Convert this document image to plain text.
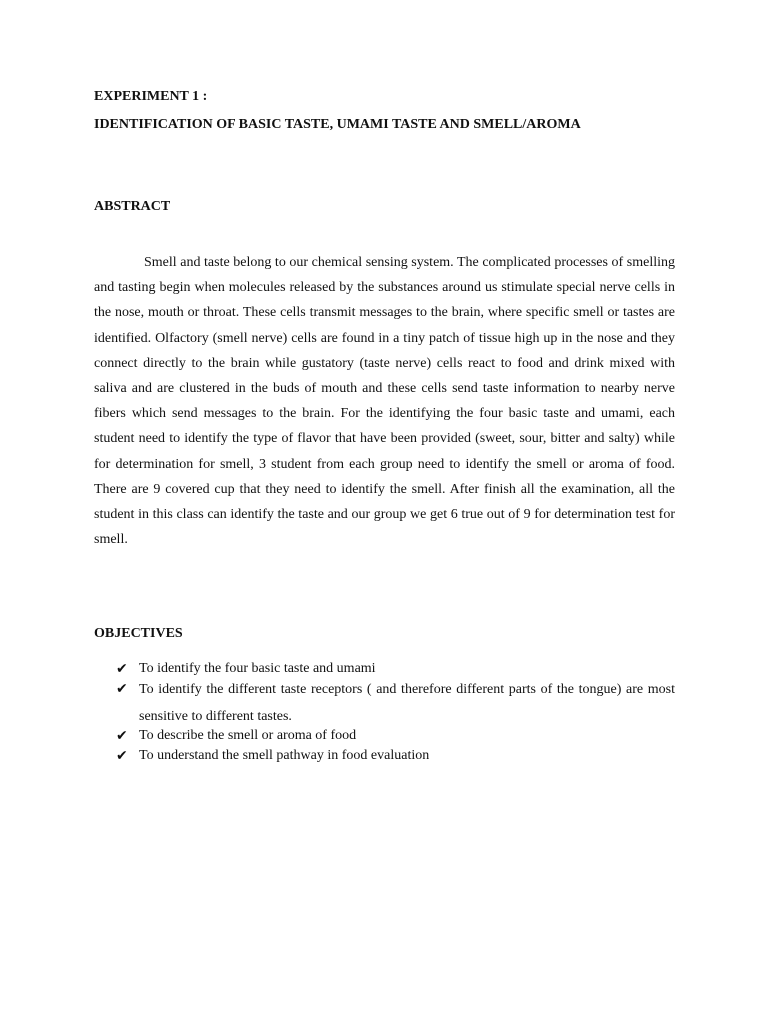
EXPERIMENT 1 :

IDENTIFICATION OF BASIC TASTE, UMAMI TASTE AND SMELL/AROMA

ABSTRACT

Smell and taste belong to our chemical sensing system. The complicated processes of smelling and tasting begin when molecules released by the substances around us stimulate special nerve cells in the nose, mouth or throat. These cells transmit messages to the brain, where specific smell or tastes are identified. Olfactory (smell nerve) cells are found in a tiny patch of tissue high up in the nose and they connect directly to the brain while gustatory (taste nerve) cells react to food and drink mixed with saliva and are clustered in the buds of mouth and these cells send taste information to nearby nerve fibers which send messages to the brain. For the identifying the four basic taste and umami, each student need to identify the type of flavor that have been provided (sweet, sour, bitter and salty) while for determination for smell, 3 student from each group need to identify the smell or aroma of food. There are 9 covered cup that they need to identify the smell. After finish all the examination, all the student in this class can identify the taste and our group we get 6 true out of 9 for determination test for smell.

OBJECTIVES

✔ To identify the four basic taste and umami
✔ To identify the different taste receptors ( and therefore different parts of the tongue) are most sensitive to different tastes.
✔ To describe the smell or aroma of food
✔ To understand the smell pathway in food evaluation
